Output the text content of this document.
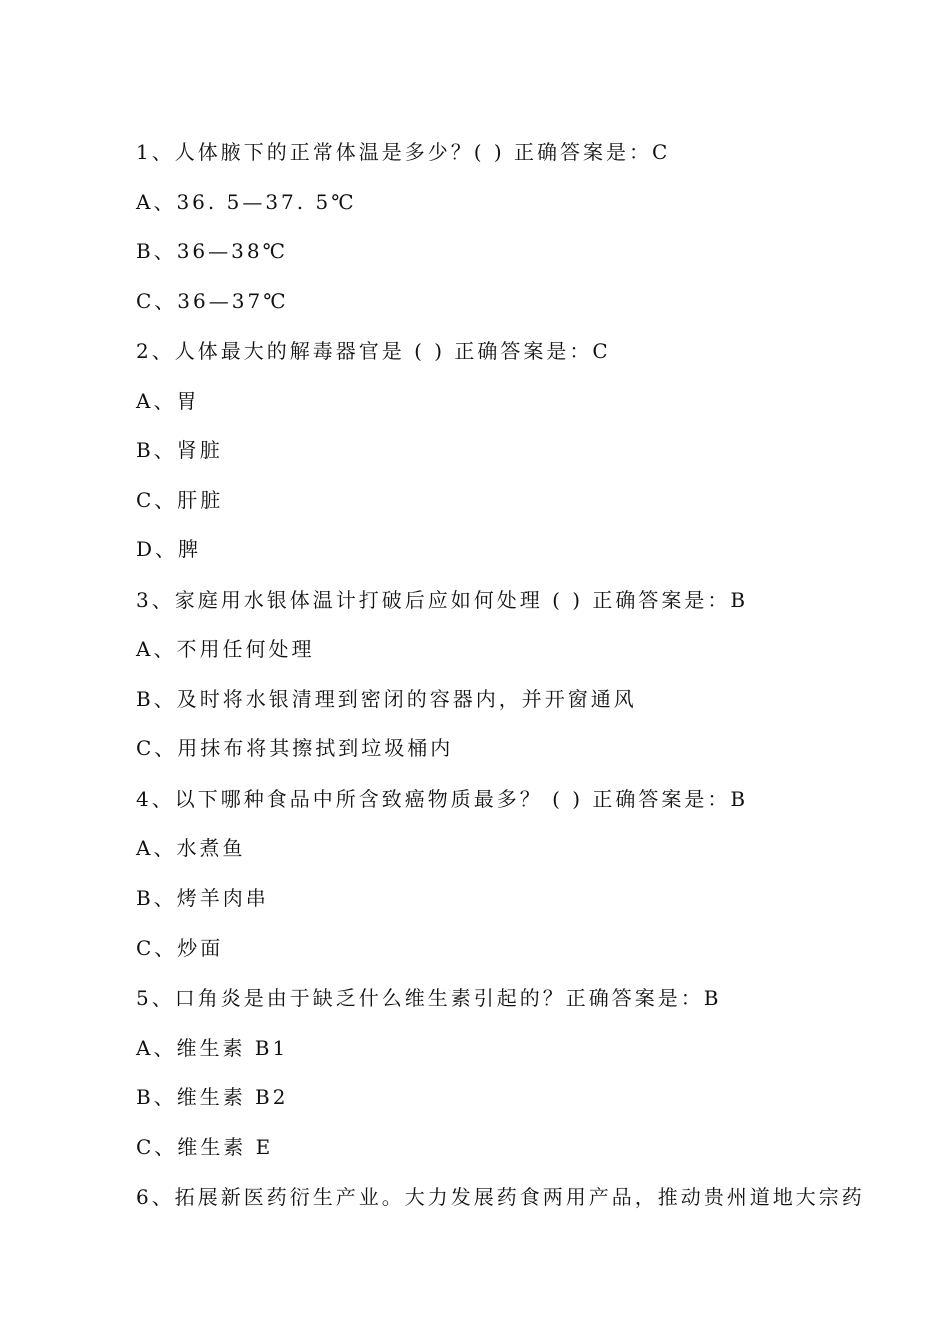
1、人体腋下的正常体温是多少？( ) 正确答案是：C
A、36. 5—37. 5℃
B、36—38℃
C、36—37℃
2、人体最大的解毒器官是 ( ) 正确答案是：C
A、胃
B、肾脏
C、肝脏
D、脾
3、家庭用水银体温计打破后应如何处理 ( ) 正确答案是：B
A、不用任何处理
B、及时将水银清理到密闭的容器内，并开窗通风
C、用抹布将其擦拭到垃圾桶内
4、以下哪种食品中所含致癌物质最多？ ( ) 正确答案是：B
A、水煮鱼
B、烤羊肉串
C、炒面
5、口角炎是由于缺乏什么维生素引起的？正确答案是：B
A、维生素 B1
B、维生素 B2
C、维生素 E
6、拓展新医药衍生产业。大力发展药食两用产品，推动贵州道地大宗药
